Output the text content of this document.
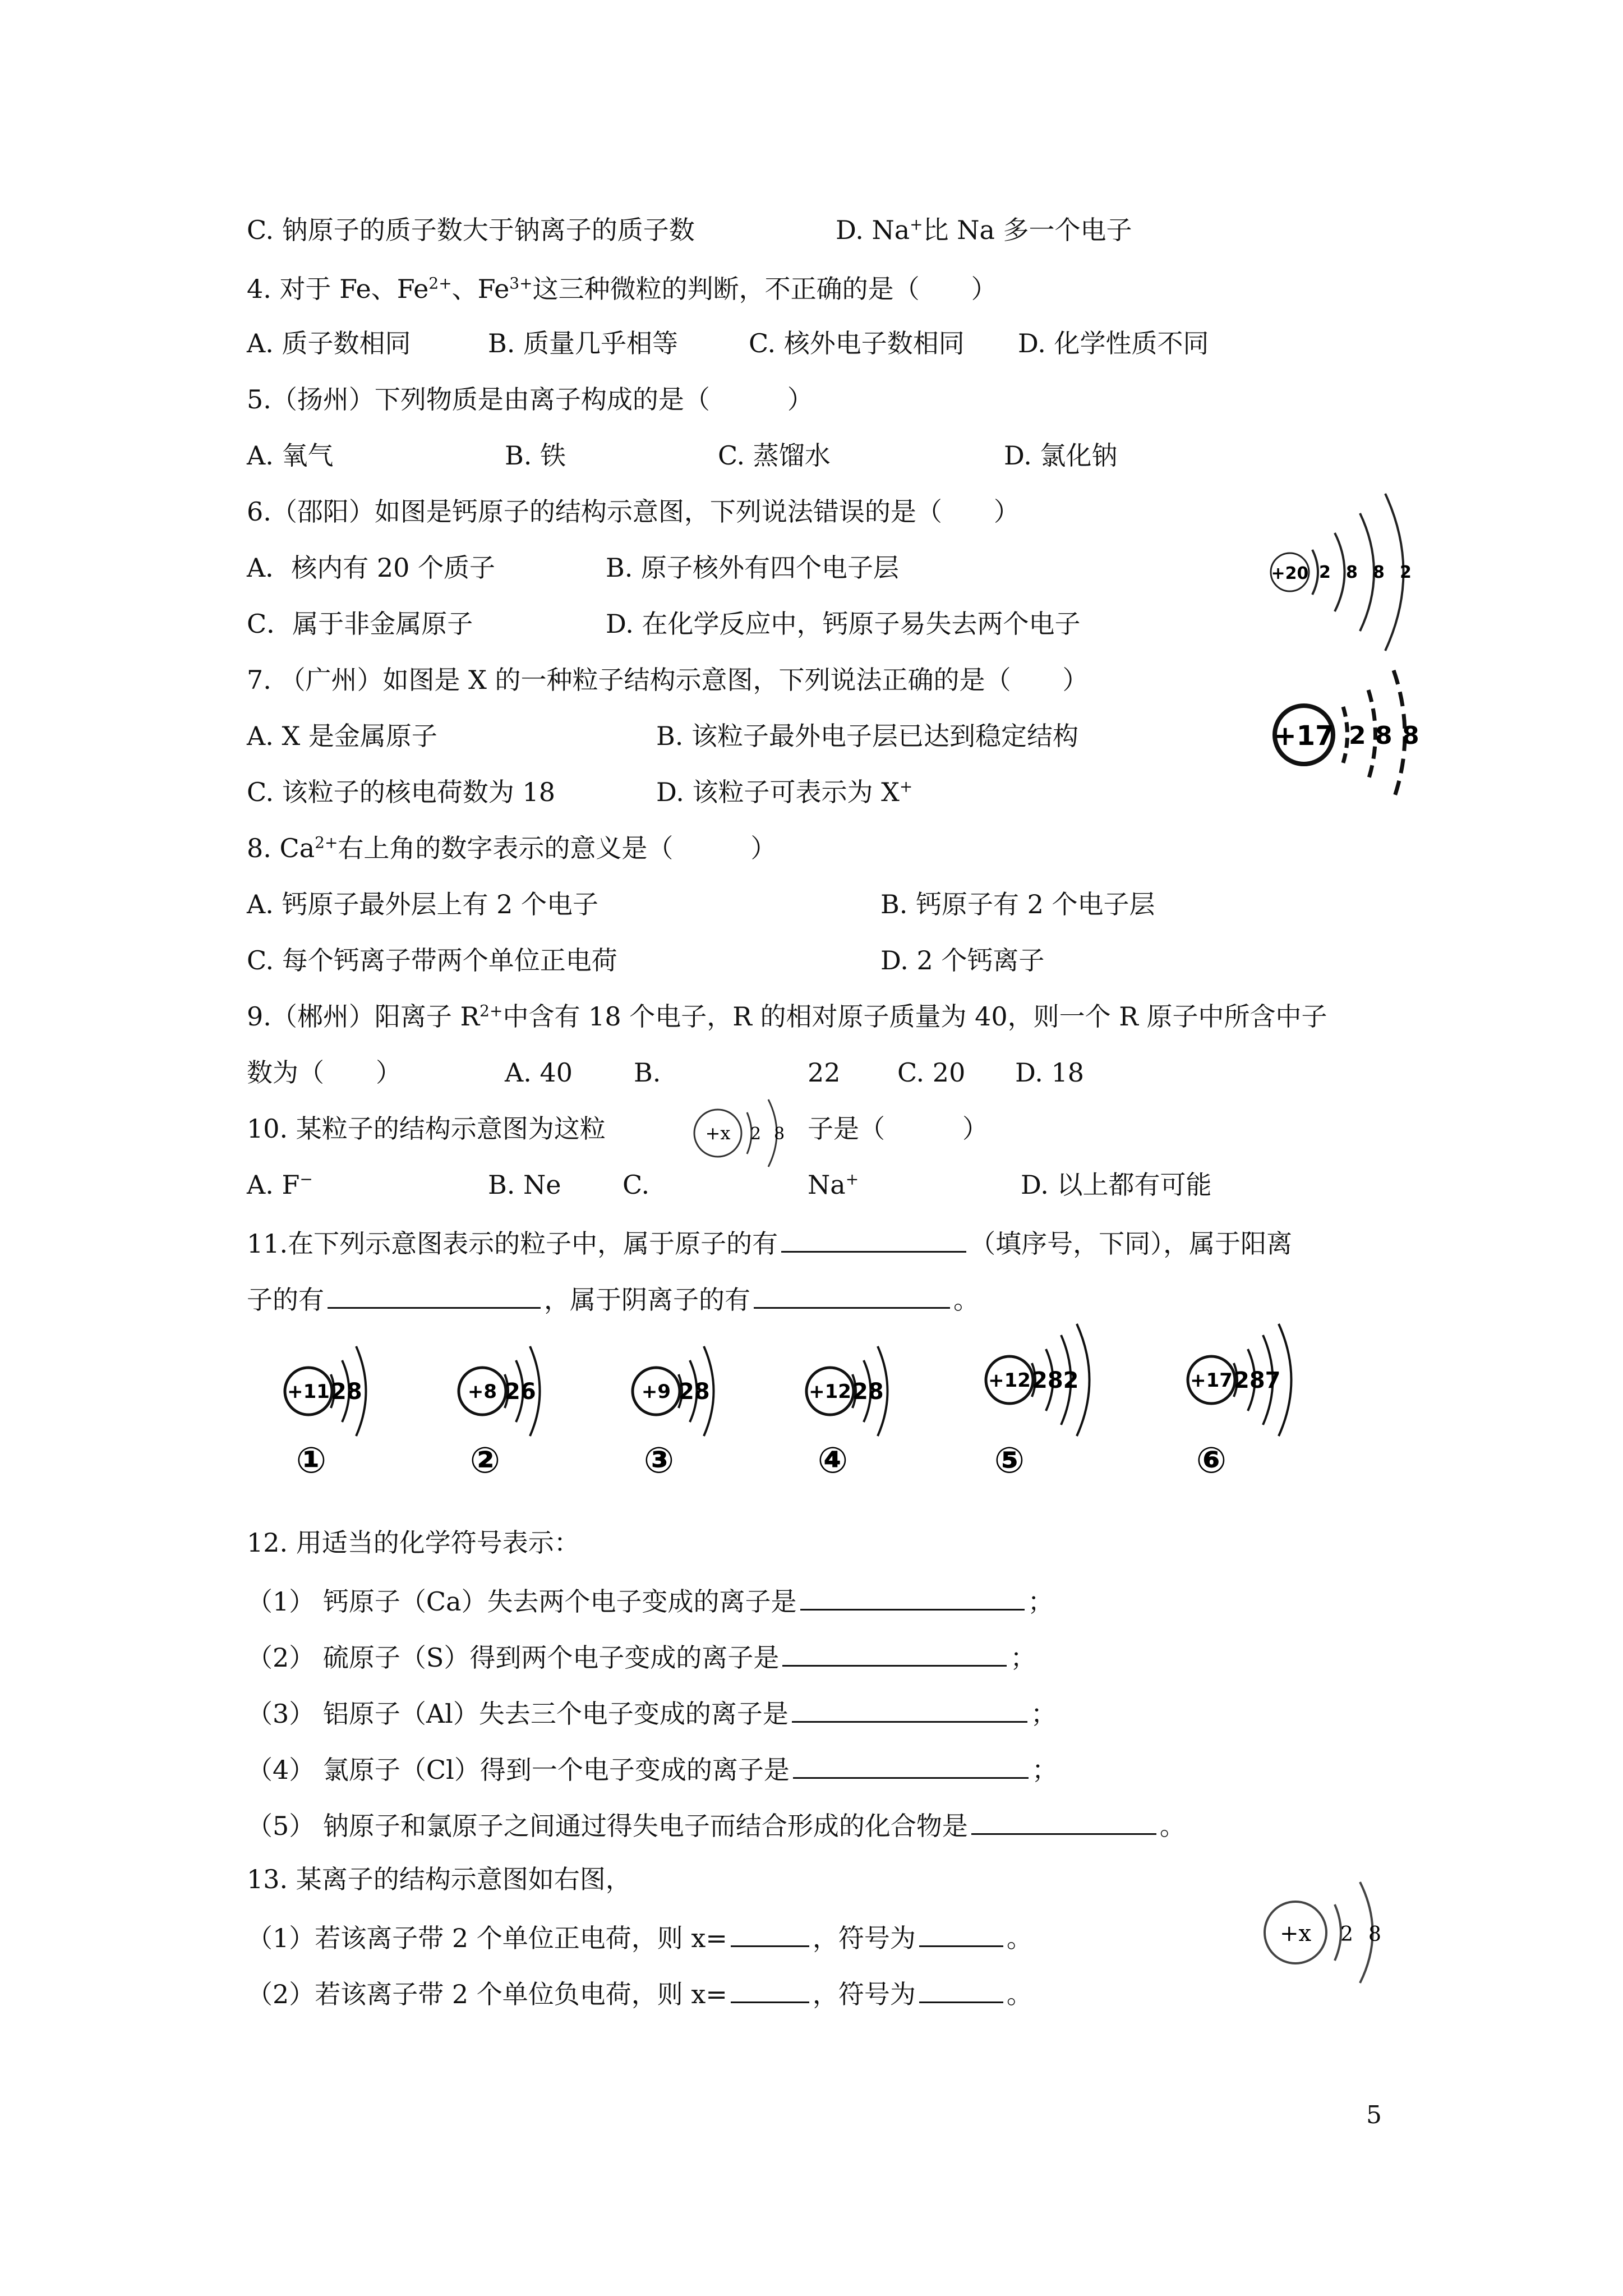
C. 钠原子的质子数大于钠离子的质子数	D. Na+比 Na 多一个电子
4. 对于 Fe、$Fe^{2+}$、$Fe^{3+}$这三种微粒的判断，不正确的是（　　）
A. 质子数相同	B. 质量几乎相等	C. 核外电子数相同 D. 化学性质不同
5.（扬州）下列物质是由离子构成的是（　　　）
A. 氧气	B. 铁	C. 蒸馏水	D. 氯化钠
6.（邵阳）如图是钙原子的结构示意图，下列说法错误的是（　　）
A．核内有 20 个质子	B. 原子核外有四个电子层
C．属于非金属原子	D. 在化学反应中，钙原子易失去两个电子
+20 2 8 8 2
7. （广州）如图是 X 的一种粒子结构示意图，下列说法正确的是（　　）
A. X 是金属原子	B. 该粒子最外电子层已达到稳定结构
C. 该粒子的核电荷数为 18	D. 该粒子可表示为 X+
+17 2 8 8
8. $Ca^{2+}$右上角的数字表示的意义是（　　　）
A. 钙原子最外层上有 2 个电子	B. 钙原子有 2 个电子层
C. 每个钙离子带两个单位正电荷	D. 2 个钙离子
9.（郴州）阳离子 $R^{2+}$中含有 18 个电子，R 的相对原子质量为 40，则一个 R 原子中所含中子
数为（　　）	A. 40 B.	22 C. 20 D. 18
10. 某粒子的结构示意图为这粒	子是（　　　）
+x 2 8
A. F−	B. Ne C.	Na+	D. 以上都有可能
11.在下列示意图表示的粒子中，属于原子的有	（填序号，下同），属于阳离
子的有	，属于阴离子的有	。
+11 28
①
+8 26
②
+9 28
③
+12 28
④
+12 282
⑤
+17 287
⑥
12. 用适当的化学符号表示：
（1） 钙原子（Ca）失去两个电子变成的离子是	；
（2） 硫原子（S）得到两个电子变成的离子是	；
（3） 铝原子（Al）失去三个电子变成的离子是	；
（4） 氯原子（Cl）得到一个电子变成的离子是	；
（5） 钠原子和氯原子之间通过得失电子而结合形成的化合物是	。
13. 某离子的结构示意图如右图，
（1）若该离子带 2 个单位正电荷，则 x=	，符号为	。
（2）若该离子带 2 个单位负电荷，则 x=	，符号为	。
+x 2 8
5
